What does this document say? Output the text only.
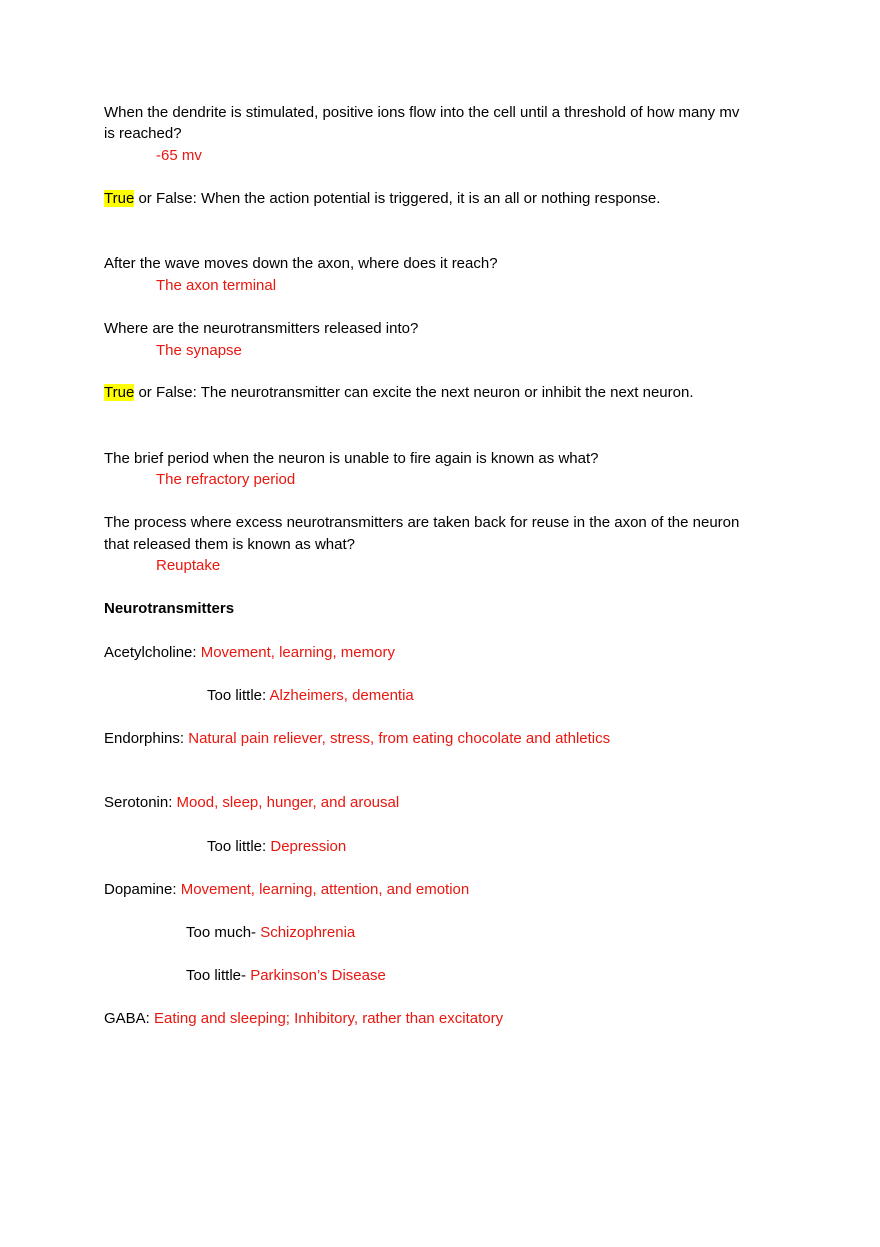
When the dendrite is stimulated, positive ions flow into the cell until a threshold of how many mv
is reached?
-65 mv
True or False: When the action potential is triggered, it is an all or nothing response.
After the wave moves down the axon, where does it reach?
The axon terminal
Where are the neurotransmitters released into?
The synapse
True or False: The neurotransmitter can excite the next neuron or inhibit the next neuron.
The brief period when the neuron is unable to fire again is known as what?
The refractory period
The process where excess neurotransmitters are taken back for reuse in the axon of the neuron
that released them is known as what?
Reuptake
Neurotransmitters
Acetylcholine: Movement, learning, memory
Too little: Alzheimers, dementia
Endorphins: Natural pain reliever, stress, from eating chocolate and athletics
Serotonin: Mood, sleep, hunger, and arousal
Too little: Depression
Dopamine: Movement, learning, attention, and emotion
Too much- Schizophrenia
Too little- Parkinson’s Disease
GABA: Eating and sleeping; Inhibitory, rather than excitatory
